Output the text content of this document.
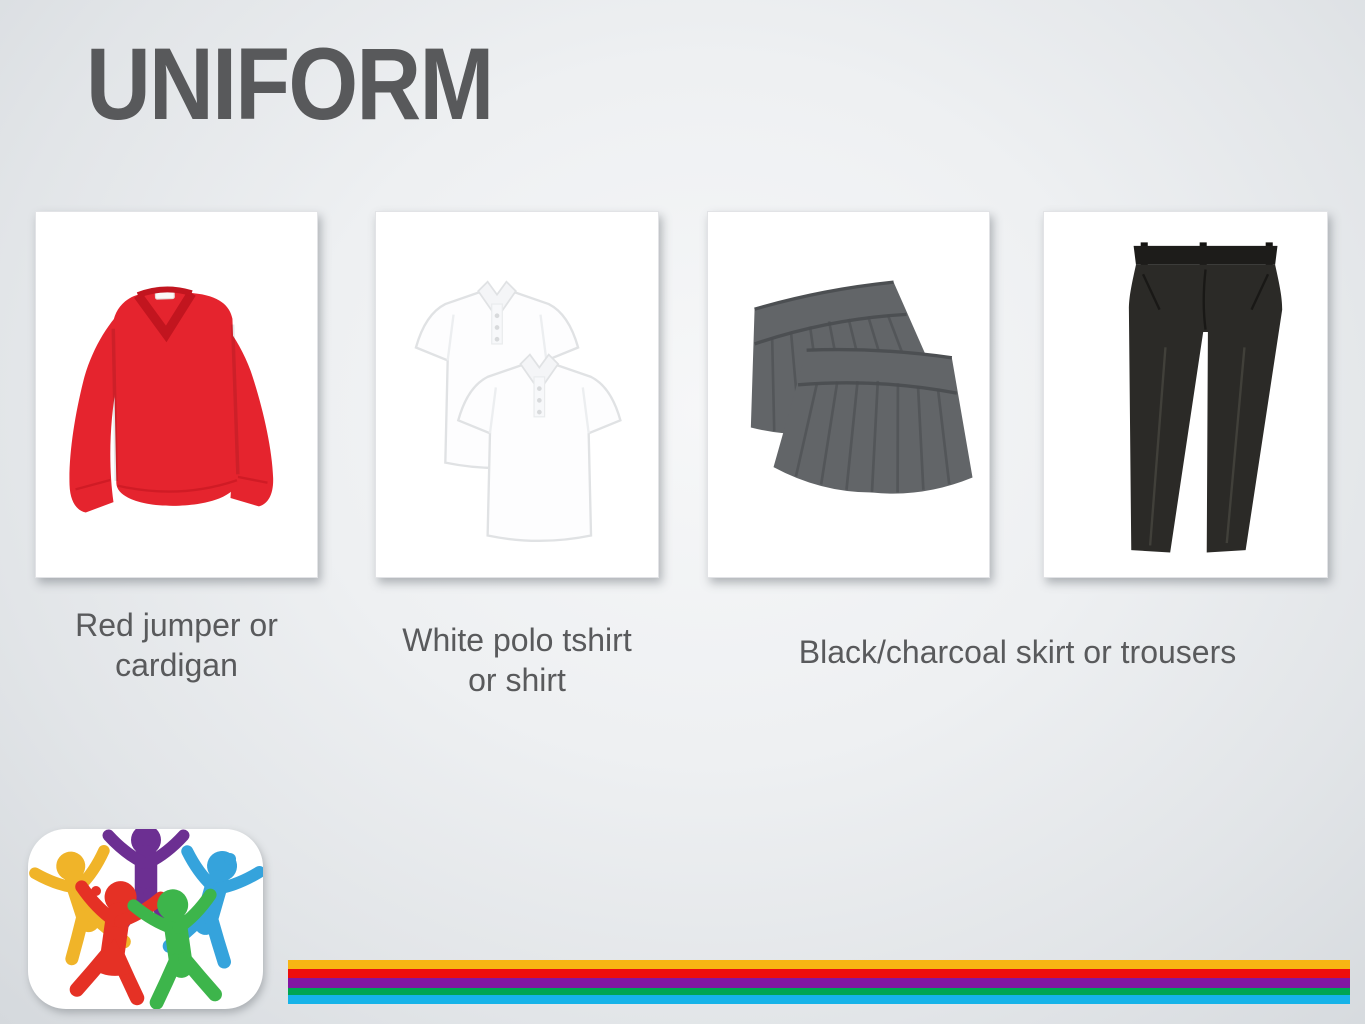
UNIFORM
Red jumper or
cardigan
White polo tshirt
or shirt
Black/charcoal skirt or trousers
